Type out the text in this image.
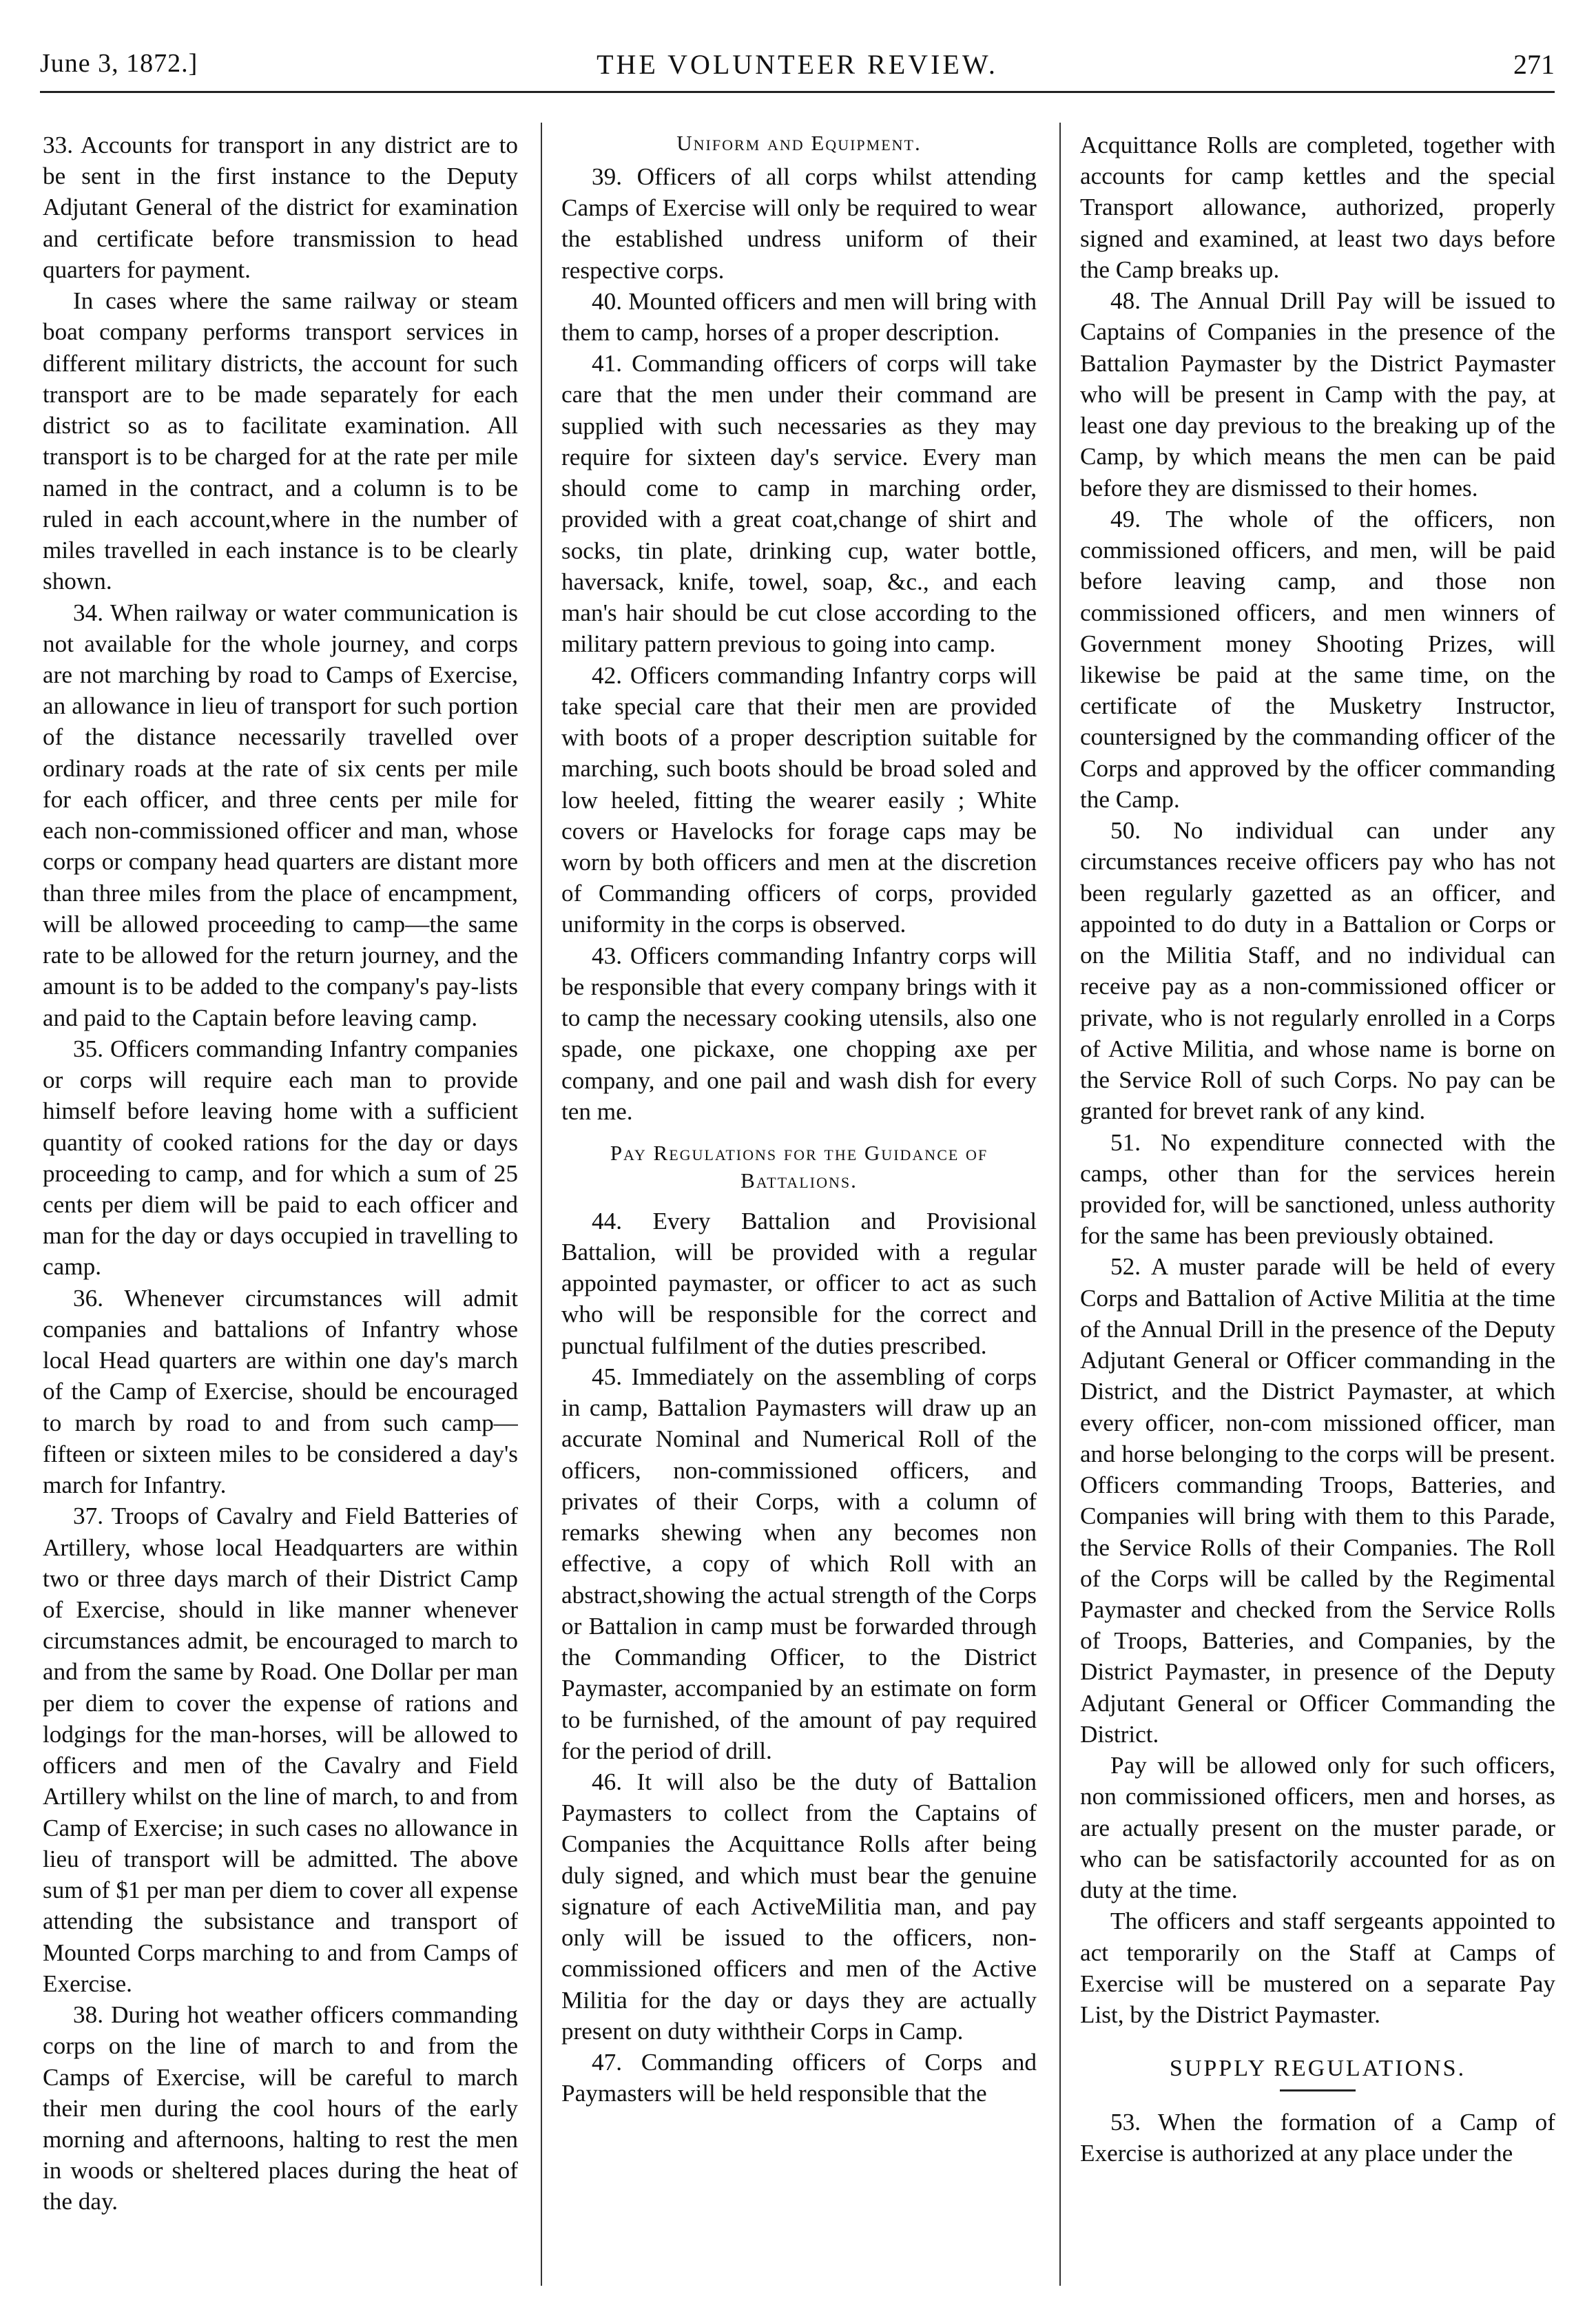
June 3, 1872.]	THE VOLUNTEER REVIEW.	271

33. Accounts for transport in any district are to be sent in the first instance to the Deputy Adjutant General of the district for examination and certificate before transmission to head quarters for payment.

In cases where the same railway or steam boat company performs transport services in different military districts, the account for such transport are to be made separately for each district so as to facilitate examination. All transport is to be charged for at the rate per mile named in the contract, and a column is to be ruled in each account,where in the number of miles travelled in each instance is to be clearly shown.

34. When railway or water communication is not available for the whole journey, and corps are not marching by road to Camps of Exercise, an allowance in lieu of transport for such portion of the distance necessarily travelled over ordinary roads at the rate of six cents per mile for each officer, and three cents per mile for each non-commissioned officer and man, whose corps or company head quarters are distant more than three miles from the place of encampment, will be allowed proceeding to camp—the same rate to be allowed for the return journey, and the amount is to be added to the company's pay-lists and paid to the Captain before leaving camp.

35. Officers commanding Infantry companies or corps will require each man to provide himself before leaving home with a sufficient quantity of cooked rations for the day or days proceeding to camp, and for which a sum of 25 cents per diem will be paid to each officer and man for the day or days occupied in travelling to camp.

36. Whenever circumstances will admit companies and battalions of Infantry whose local Head quarters are within one day's march of the Camp of Exercise, should be encouraged to march by road to and from such camp—fifteen or sixteen miles to be considered a day's march for Infantry.

37. Troops of Cavalry and Field Batteries of Artillery, whose local Headquarters are within two or three days march of their District Camp of Exercise, should in like manner whenever circumstances admit, be encouraged to march to and from the same by Road. One Dollar per man per diem to cover the expense of rations and lodgings for the man-horses, will be allowed to officers and men of the Cavalry and Field Artillery whilst on the line of march, to and from Camp of Exercise; in such cases no allowance in lieu of transport will be admitted. The above sum of $1 per man per diem to cover all expense attending the subsistance and transport of Mounted Corps marching to and from Camps of Exercise.

38. During hot weather officers commanding corps on the line of march to and from the Camps of Exercise, will be careful to march their men during the cool hours of the early morning and afternoons, halting to rest the men in woods or sheltered places during the heat of the day.

Uniform and Equipment.

39. Officers of all corps whilst attending Camps of Exercise will only be required to wear the established undress uniform of their respective corps.

40. Mounted officers and men will bring with them to camp, horses of a proper description.

41. Commanding officers of corps will take care that the men under their command are supplied with such necessaries as they may require for sixteen day's service. Every man should come to camp in marching order, provided with a great coat,change of shirt and socks, tin plate, drinking cup, water bottle, haversack, knife, towel, soap, &c., and each man's hair should be cut close according to the military pattern previous to going into camp.

42. Officers commanding Infantry corps will take special care that their men are provided with boots of a proper description suitable for marching, such boots should be broad soled and low heeled, fitting the wearer easily ; White covers or Havelocks for forage caps may be worn by both officers and men at the discretion of Commanding officers of corps, provided uniformity in the corps is observed.

43. Officers commanding Infantry corps will be responsible that every company brings with it to camp the necessary cooking utensils, also one spade, one pickaxe, one chopping axe per company, and one pail and wash dish for every ten me.

Pay Regulations for the Guidance of Battalions.

44. Every Battalion and Provisional Battalion, will be provided with a regular appointed paymaster, or officer to act as such who will be responsible for the correct and punctual fulfilment of the duties prescribed.

45. Immediately on the assembling of corps in camp, Battalion Paymasters will draw up an accurate Nominal and Numerical Roll of the officers, non-commissioned officers, and privates of their Corps, with a column of remarks shewing when any becomes non effective, a copy of which Roll with an abstract,showing the actual strength of the Corps or Battalion in camp must be forwarded through the Commanding Officer, to the District Paymaster, accompanied by an estimate on form to be furnished, of the amount of pay required for the period of drill.

46. It will also be the duty of Battalion Paymasters to collect from the Captains of Companies the Acquittance Rolls after being duly signed, and which must bear the genuine signature of each ActiveMilitia man, and pay only will be issued to the officers, non-commissioned officers and men of the Active Militia for the day or days they are actually present on duty withtheir Corps in Camp.

47. Commanding officers of Corps and Paymasters will be held responsible that the

Acquittance Rolls are completed, together with accounts for camp kettles and the special Transport allowance, authorized, properly signed and examined, at least two days before the Camp breaks up.

48. The Annual Drill Pay will be issued to Captains of Companies in the presence of the Battalion Paymaster by the District Paymaster who will be present in Camp with the pay, at least one day previous to the breaking up of the Camp, by which means the men can be paid before they are dismissed to their homes.

49. The whole of the officers, non commissioned officers, and men, will be paid before leaving camp, and those non commissioned officers, and men winners of Government money Shooting Prizes, will likewise be paid at the same time, on the certificate of the Musketry Instructor, countersigned by the commanding officer of the Corps and approved by the officer commanding the Camp.

50. No individual can under any circumstances receive officers pay who has not been regularly gazetted as an officer, and appointed to do duty in a Battalion or Corps or on the Militia Staff, and no individual can receive pay as a non-commissioned officer or private, who is not regularly enrolled in a Corps of Active Militia, and whose name is borne on the Service Roll of such Corps. No pay can be granted for brevet rank of any kind.

51. No expenditure connected with the camps, other than for the services herein provided for, will be sanctioned, unless authority for the same has been previously obtained.

52. A muster parade will be held of every Corps and Battalion of Active Militia at the time of the Annual Drill in the presence of the Deputy Adjutant General or Officer commanding in the District, and the District Paymaster, at which every officer, non-com missioned officer, man and horse belonging to the corps will be present. Officers commanding Troops, Batteries, and Companies will bring with them to this Parade, the Service Rolls of their Companies. The Roll of the Corps will be called by the Regimental Paymaster and checked from the Service Rolls of Troops, Batteries, and Companies, by the District Paymaster, in presence of the Deputy Adjutant General or Officer Commanding the District.

Pay will be allowed only for such officers, non commissioned officers, men and horses, as are actually present on the muster parade, or who can be satisfactorily accounted for as on duty at the time.

The officers and staff sergeants appointed to act temporarily on the Staff at Camps of Exercise will be mustered on a separate Pay List, by the District Paymaster.

SUPPLY REGULATIONS.

53. When the formation of a Camp of Exercise is authorized at any place under the
